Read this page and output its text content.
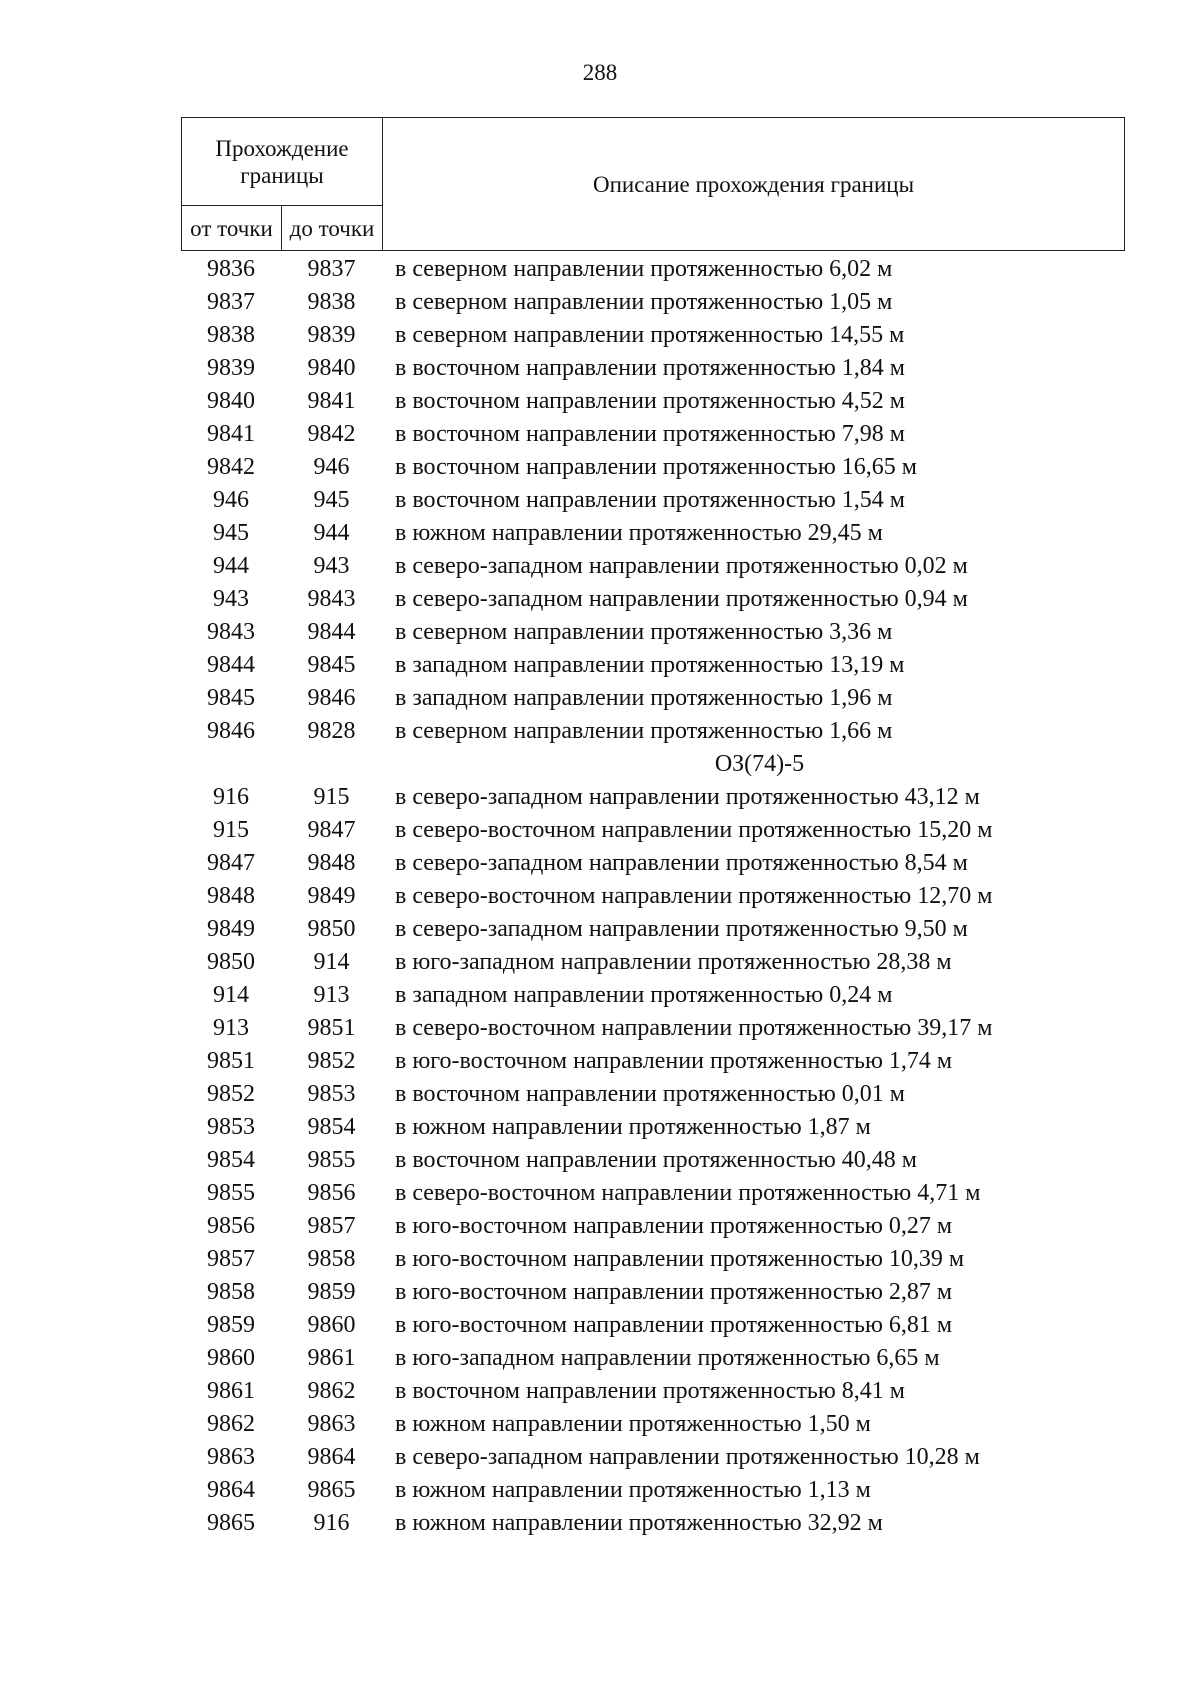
288
Прохождение границы		Описание прохождения границы
от точки	до точки	
9836	9837	в северном направлении протяженностью 6,02 м
9837	9838	в северном направлении протяженностью 1,05 м
9838	9839	в северном направлении протяженностью 14,55 м
9839	9840	в восточном направлении протяженностью 1,84 м
9840	9841	в восточном направлении протяженностью 4,52 м
9841	9842	в восточном направлении протяженностью 7,98 м
9842	946	в восточном направлении протяженностью 16,65 м
946	945	в восточном направлении протяженностью 1,54 м
945	944	в южном направлении протяженностью 29,45 м
944	943	в северо-западном направлении протяженностью 0,02 м
943	9843	в северо-западном направлении протяженностью 0,94 м
9843	9844	в северном направлении протяженностью 3,36 м
9844	9845	в западном направлении протяженностью 13,19 м
9845	9846	в западном направлении протяженностью 1,96 м
9846	9828	в северном направлении протяженностью 1,66 м
ОЗ(74)-5
916	915	в северо-западном направлении протяженностью 43,12 м
915	9847	в северо-восточном направлении протяженностью 15,20 м
9847	9848	в северо-западном направлении протяженностью 8,54 м
9848	9849	в северо-восточном направлении протяженностью 12,70 м
9849	9850	в северо-западном направлении протяженностью 9,50 м
9850	914	в юго-западном направлении протяженностью 28,38 м
914	913	в западном направлении протяженностью 0,24 м
913	9851	в северо-восточном направлении протяженностью 39,17 м
9851	9852	в юго-восточном направлении протяженностью 1,74 м
9852	9853	в восточном направлении протяженностью 0,01 м
9853	9854	в южном направлении протяженностью 1,87 м
9854	9855	в восточном направлении протяженностью 40,48 м
9855	9856	в северо-восточном направлении протяженностью 4,71 м
9856	9857	в юго-восточном направлении протяженностью 0,27 м
9857	9858	в юго-восточном направлении протяженностью 10,39 м
9858	9859	в юго-восточном направлении протяженностью 2,87 м
9859	9860	в юго-восточном направлении протяженностью 6,81 м
9860	9861	в юго-западном направлении протяженностью 6,65 м
9861	9862	в восточном направлении протяженностью 8,41 м
9862	9863	в южном направлении протяженностью 1,50 м
9863	9864	в северо-западном направлении протяженностью 10,28 м
9864	9865	в южном направлении протяженностью 1,13 м
9865	916	в южном направлении протяженностью 32,92 м
